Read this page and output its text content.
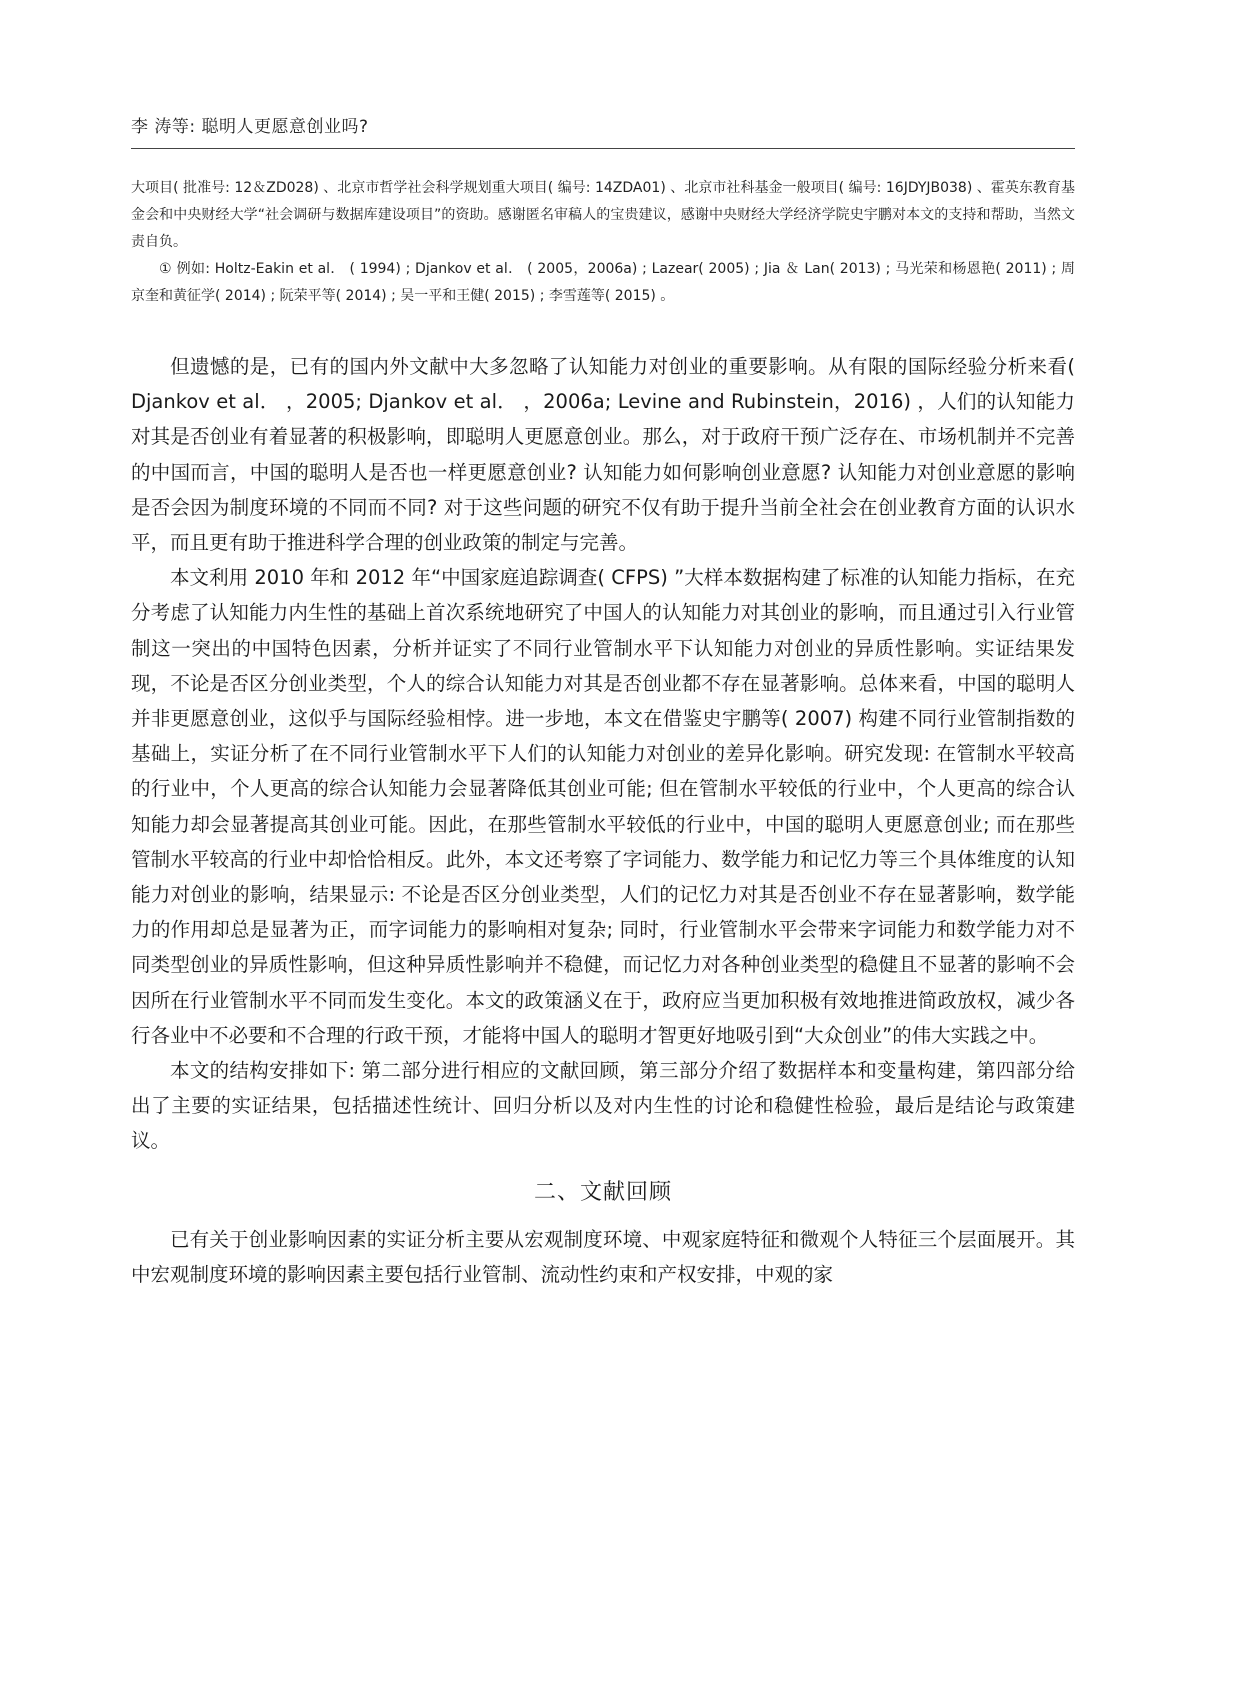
李 涛等: 聪明人更愿意创业吗?

大项目( 批准号: 12＆ZD028) 、北京市哲学社会科学规划重大项目( 编号: 14ZDA01) 、北京市社科基金一般项目( 编号: 16JDYJB038) 、霍英东教育基金会和中央财经大学“社会调研与数据库建设项目”的资助。感谢匿名审稿人的宝贵建议，感谢中央财经大学经济学院史宇鹏对本文的支持和帮助，当然文责自负。

① 例如: Holtz-Eakin et al． ( 1994) ; Djankov et al． ( 2005，2006a) ; Lazear( 2005) ; Jia ＆ Lan( 2013) ; 马光荣和杨恩艳( 2011) ; 周京奎和黄征学( 2014) ; 阮荣平等( 2014) ; 吴一平和王健( 2015) ; 李雪莲等( 2015) 。

但遗憾的是，已有的国内外文献中大多忽略了认知能力对创业的重要影响。从有限的国际经验分析来看( Djankov et al． ，2005; Djankov et al． ，2006a; Levine and Rubinstein，2016) ，人们的认知能力对其是否创业有着显著的积极影响，即聪明人更愿意创业。那么，对于政府干预广泛存在、市场机制并不完善的中国而言，中国的聪明人是否也一样更愿意创业? 认知能力如何影响创业意愿? 认知能力对创业意愿的影响是否会因为制度环境的不同而不同? 对于这些问题的研究不仅有助于提升当前全社会在创业教育方面的认识水平，而且更有助于推进科学合理的创业政策的制定与完善。

本文利用 2010 年和 2012 年“中国家庭追踪调查( CFPS) ”大样本数据构建了标准的认知能力指标，在充分考虑了认知能力内生性的基础上首次系统地研究了中国人的认知能力对其创业的影响，而且通过引入行业管制这一突出的中国特色因素，分析并证实了不同行业管制水平下认知能力对创业的异质性影响。实证结果发现，不论是否区分创业类型，个人的综合认知能力对其是否创业都不存在显著影响。总体来看，中国的聪明人并非更愿意创业，这似乎与国际经验相悖。进一步地，本文在借鉴史宇鹏等( 2007) 构建不同行业管制指数的基础上，实证分析了在不同行业管制水平下人们的认知能力对创业的差异化影响。研究发现: 在管制水平较高的行业中，个人更高的综合认知能力会显著降低其创业可能; 但在管制水平较低的行业中，个人更高的综合认知能力却会显著提高其创业可能。因此，在那些管制水平较低的行业中，中国的聪明人更愿意创业; 而在那些管制水平较高的行业中却恰恰相反。此外，本文还考察了字词能力、数学能力和记忆力等三个具体维度的认知能力对创业的影响，结果显示: 不论是否区分创业类型，人们的记忆力对其是否创业不存在显著影响，数学能力的作用却总是显著为正，而字词能力的影响相对复杂; 同时，行业管制水平会带来字词能力和数学能力对不同类型创业的异质性影响，但这种异质性影响并不稳健，而记忆力对各种创业类型的稳健且不显著的影响不会因所在行业管制水平不同而发生变化。本文的政策涵义在于，政府应当更加积极有效地推进简政放权，减少各行各业中不必要和不合理的行政干预，才能将中国人的聪明才智更好地吸引到“大众创业”的伟大实践之中。

本文的结构安排如下: 第二部分进行相应的文献回顾，第三部分介绍了数据样本和变量构建，第四部分给出了主要的实证结果，包括描述性统计、回归分析以及对内生性的讨论和稳健性检验，最后是结论与政策建议。

二、文献回顾

已有关于创业影响因素的实证分析主要从宏观制度环境、中观家庭特征和微观个人特征三个层面展开。其中宏观制度环境的影响因素主要包括行业管制、流动性约束和产权安排，中观的家
